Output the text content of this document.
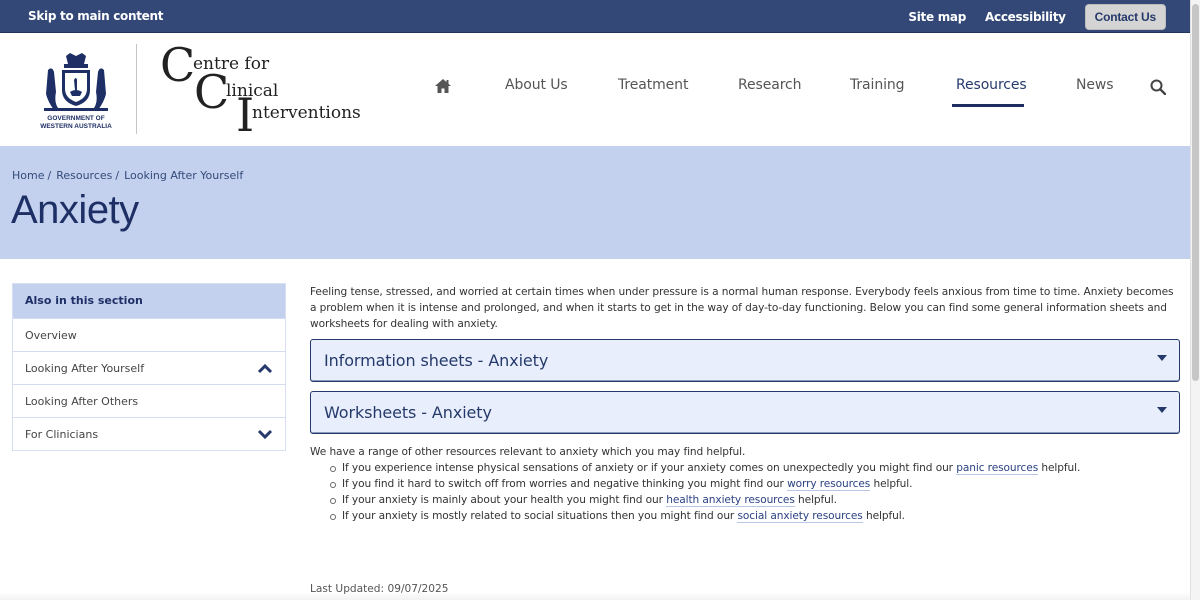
Skip to main content	Site map Accessibility	Contact Us
GOVERNMENT OF
WESTERN AUSTRALIA
C
entre for
C
linical
I
nterventions
About Us	Treatment	Research	Training	Resources	News
Home / Resources / Looking After Yourself
Anxiety
Also in this section
Overview
Looking After Yourself
Looking After Others
For Clinicians

Feeling tense, stressed, and worried at certain times when under pressure is a normal human response. Everybody feels anxious from time to time. Anxiety becomes a problem when it is intense and prolonged, and when it starts to get in the way of day-to-day functioning. Below you can find some general information sheets and worksheets for dealing with anxiety.

Information sheets - Anxiety
Worksheets - Anxiety

We have a range of other resources relevant to anxiety which you may find helpful.

If you experience intense physical sensations of anxiety or if your anxiety comes on unexpectedly you might find our panic resources helpful.
If you find it hard to switch off from worries and negative thinking you might find our worry resources helpful.
If your anxiety is mainly about your health you might find our health anxiety resources helpful.
If your anxiety is mostly related to social situations then you might find our social anxiety resources helpful.
Last Updated: 09/07/2025
